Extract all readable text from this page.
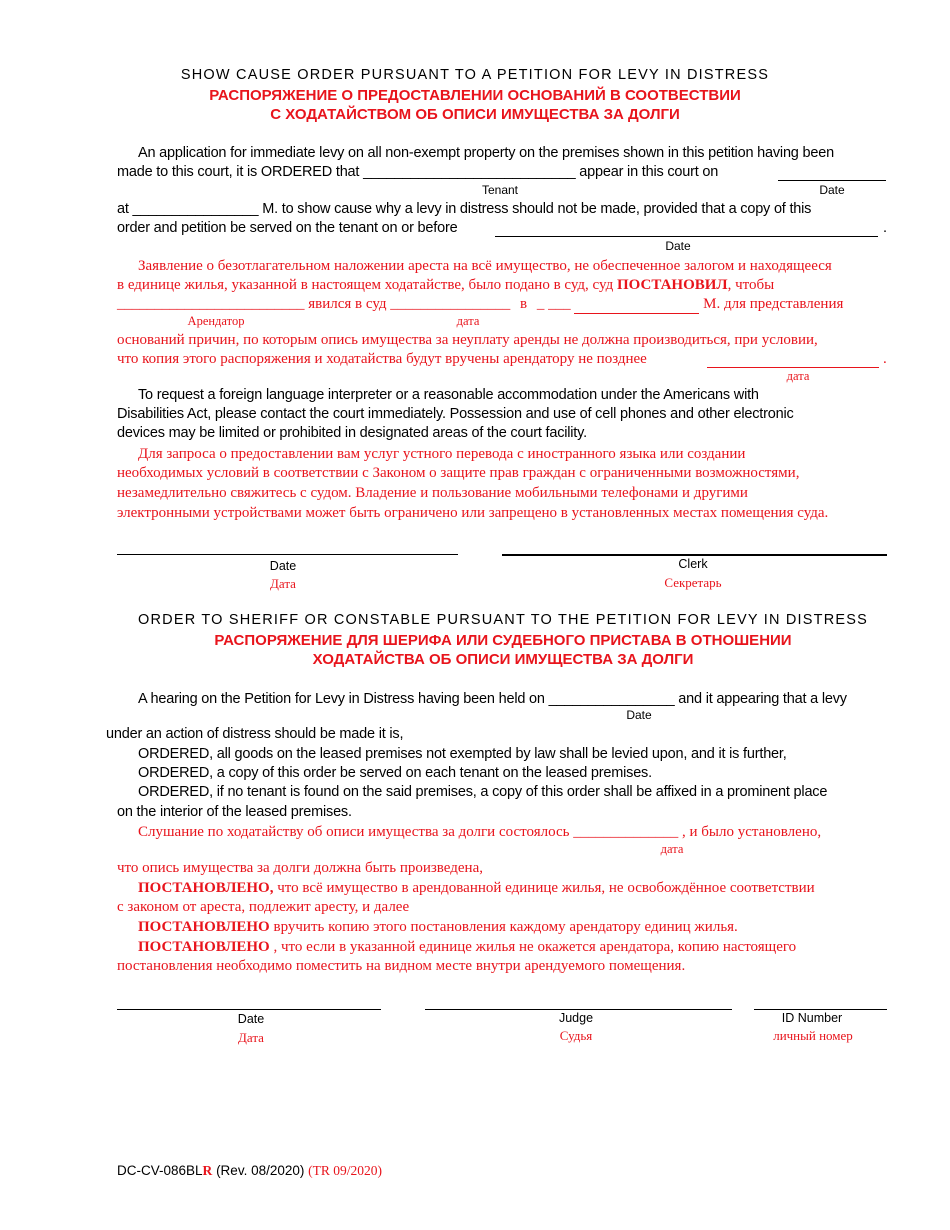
SHOW CAUSE ORDER PURSUANT TO A PETITION FOR LEVY IN DISTRESS
РАСПОРЯЖЕНИЕ О ПРЕДОСТАВЛЕНИИ ОСНОВАНИЙ В СООТВЕСТВИИ
С ХОДАТАЙСТВОМ ОБ ОПИСИ ИМУЩЕСТВА ЗА ДОЛГИ
An application for immediate levy on all non-exempt property on the premises shown in this petition having been
made to this court, it is ORDERED that ___________________________ appear in this court on
Tenant	Date
at ________________ M. to show cause why a levy in distress should not be made, provided that a copy of this
order and petition be served on the tenant on or before	.
Date
Заявление о безотлагательном наложении ареста на всё имущество, не обеспеченное залогом и находящееся
в единице жилья, указанной в настоящем ходатайстве, было подано в суд, суд ПОСТАНОВИЛ, чтобы
_________________________ явился в суд ________________ в _ ___	М. для представления
Арендатор	дата
оснований причин, по которым опись имущества за неуплату аренды не должна производиться, при условии,
что копия этого распоряжения и ходатайства будут вручены арендатору не позднее	.
дата
To request a foreign language interpreter or a reasonable accommodation under the Americans with
Disabilities Act, please contact the court immediately. Possession and use of cell phones and other electronic
devices may be limited or prohibited in designated areas of the court facility.
Для запроса о предоставлении вам услуг устного перевода с иностранного языка или создании
необходимых условий в соответствии с Законом о защите прав граждан с ограниченными возможностями,
незамедлительно свяжитесь с судом. Владение и пользование мобильными телефонами и другими
электронными устройствами может быть ограничено или запрещено в установленных местах помещения суда.
Date
Дата
Clerk
Секретарь
ORDER TO SHERIFF OR CONSTABLE PURSUANT TO THE PETITION FOR LEVY IN DISTRESS
РАСПОРЯЖЕНИЕ ДЛЯ ШЕРИФА ИЛИ СУДЕБНОГО ПРИСТАВА В ОТНОШЕНИИ
ХОДАТАЙСТВА ОБ ОПИСИ ИМУЩЕСТВА ЗА ДОЛГИ
A hearing on the Petition for Levy in Distress having been held on ________________ and it appearing that a levy
Date
under an action of distress should be made it is,
ORDERED, all goods on the leased premises not exempted by law shall be levied upon, and it is further,
ORDERED, a copy of this order be served on each tenant on the leased premises.
ORDERED, if no tenant is found on the said premises, a copy of this order shall be affixed in a prominent place
on the interior of the leased premises.
Слушание по ходатайству об описи имущества за долги состоялось ______________ , и было установлено,
дата
что опись имущества за долги должна быть произведена,
ПОСТАНОВЛЕНО, что всё имущество в арендованной единице жилья, не освобождённое соответствии
с законом от ареста, подлежит аресту, и далее
ПОСТАНОВЛЕНО вручить копию этого постановления каждому арендатору единиц жилья.
ПОСТАНОВЛЕНО , что если в указанной единице жилья не окажется арендатора, копию настоящего
постановления необходимо поместить на видном месте внутри арендуемого помещения.
Date
Дата
Judge
Судья
ID Number
личный номер
DC-CV-086BLR (Rev. 08/2020) (TR 09/2020)
